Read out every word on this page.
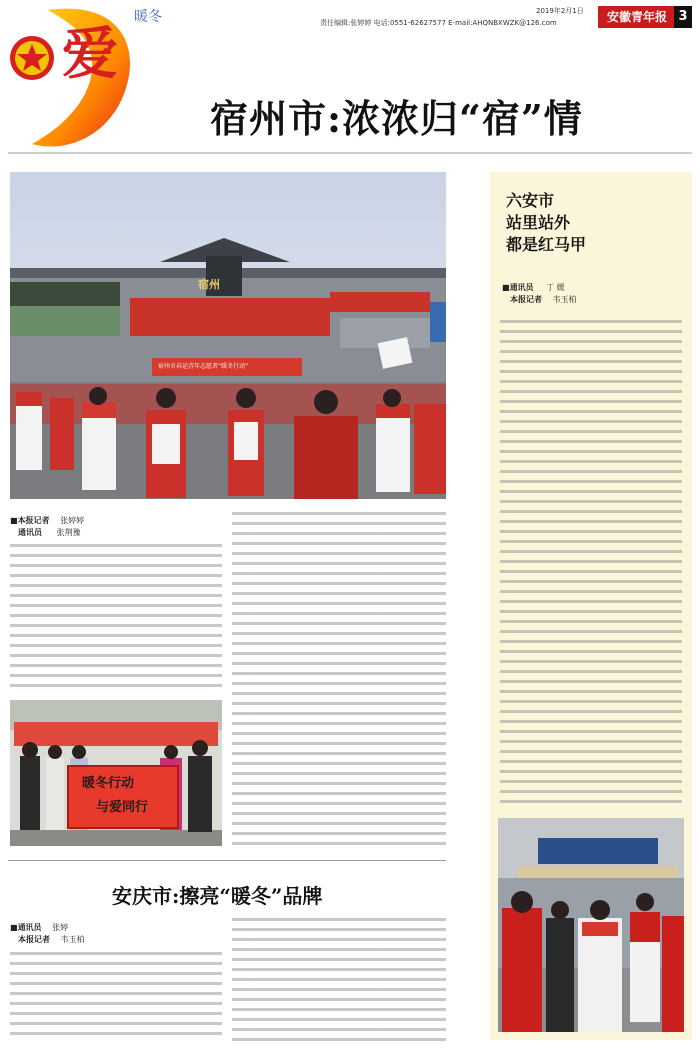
爱
途
暖冬	2019年2月1日
责任编辑:张婷婷 电话:0551-62627577 E-mail:AHQNBXWZK@126.com	安徽青年报 3
宿州市:浓浓归“宿”情
宿州
宿州市春运青年志愿者“暖冬行动”
■本报记者 张婷婷
通讯员 张荆豫
暖冬行动
与爱同行
安庆市:擦亮“暖冬”品牌
■通讯员 张婷
本报记者 韦玉柏
六安市
站里站外
都是红马甲
■通讯员 丁 媛
本报记者 韦玉柏
